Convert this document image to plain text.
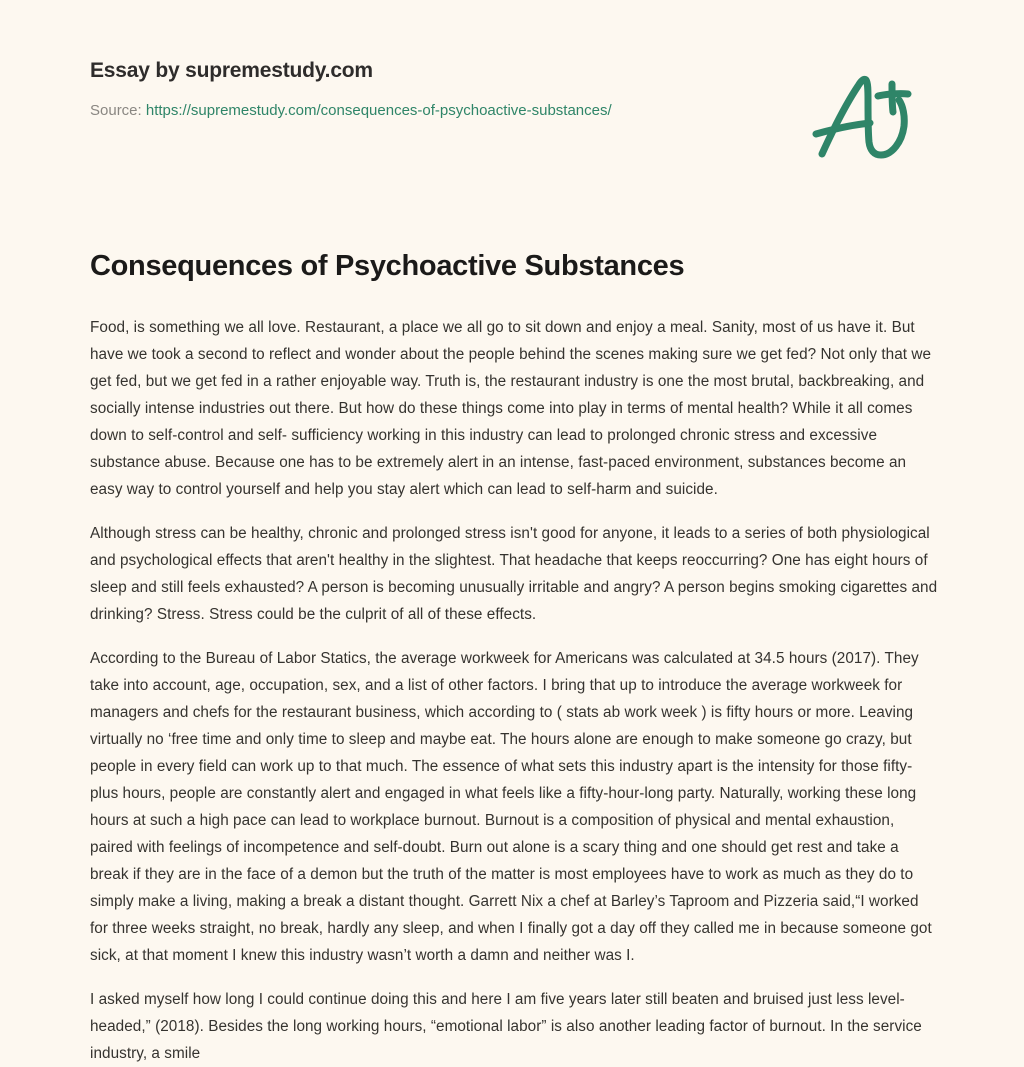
Essay by supremestudy.com
Source: https://supremestudy.com/consequences-of-psychoactive-substances/
Consequences of Psychoactive Substances

Food, is something we all love. Restaurant, a place we all go to sit down and enjoy a meal. Sanity, most of us have it. But have we took a second to reflect and wonder about the people behind the scenes making sure we get fed? Not only that we get fed, but we get fed in a rather enjoyable way. Truth is, the restaurant industry is one the most brutal, backbreaking, and socially intense industries out there. But how do these things come into play in terms of mental health? While it all comes down to self-control and self- sufficiency working in this industry can lead to prolonged chronic stress and excessive substance abuse. Because one has to be extremely alert in an intense, fast-paced environment, substances become an easy way to control yourself and help you stay alert which can lead to self-harm and suicide.

Although stress can be healthy, chronic and prolonged stress isn't good for anyone, it leads to a series of both physiological and psychological effects that aren't healthy in the slightest. That headache that keeps reoccurring? One has eight hours of sleep and still feels exhausted? A person is becoming unusually irritable and angry? A person begins smoking cigarettes and drinking? Stress. Stress could be the culprit of all of these effects.

According to the Bureau of Labor Statics, the average workweek for Americans was calculated at 34.5 hours (2017). They take into account, age, occupation, sex, and a list of other factors. I bring that up to introduce the average workweek for managers and chefs for the restaurant business, which according to ( stats ab work week ) is fifty hours or more. Leaving virtually no ‘free time and only time to sleep and maybe eat. The hours alone are enough to make someone go crazy, but people in every field can work up to that much. The essence of what sets this industry apart is the intensity for those fifty-plus hours, people are constantly alert and engaged in what feels like a fifty-hour-long party. Naturally, working these long hours at such a high pace can lead to workplace burnout. Burnout is a composition of physical and mental exhaustion, paired with feelings of incompetence and self-doubt. Burn out alone is a scary thing and one should get rest and take a break if they are in the face of a demon but the truth of the matter is most employees have to work as much as they do to simply make a living, making a break a distant thought. Garrett Nix a chef at Barley’s Taproom and Pizzeria said,“I worked for three weeks straight, no break, hardly any sleep, and when I finally got a day off they called me in because someone got sick, at that moment I knew this industry wasn’t worth a damn and neither was I.

I asked myself how long I could continue doing this and here I am five years later still beaten and bruised just less level-headed,” (2018). Besides the long working hours, “emotional labor” is also another leading factor of burnout. In the service industry, a smile
